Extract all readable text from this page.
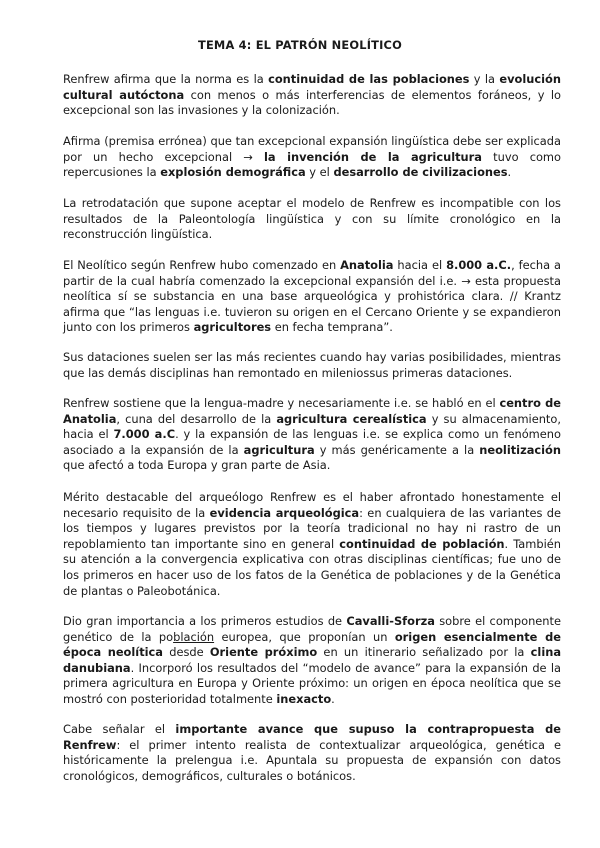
TEMA 4: EL PATRÓN NEOLÍTICO
Renfrew afirma que la norma es la continuidad de las poblaciones y la evolución cultural autóctona con menos o más interferencias de elementos foráneos, y lo excepcional son las invasiones y la colonización.
Afirma (premisa errónea) que tan excepcional expansión lingüística debe ser explicada por un hecho excepcional → la invención de la agricultura tuvo como repercusiones la explosión demográfica y el desarrollo de civilizaciones.
La retrodatación que supone aceptar el modelo de Renfrew es incompatible con los resultados de la Paleontología lingüística y con su límite cronológico en la reconstrucción lingüística.
El Neolítico según Renfrew hubo comenzado en Anatolia hacia el 8.000 a.C., fecha a partir de la cual habría comenzado la excepcional expansión del i.e. → esta propuesta neolítica sí se substancia en una base arqueológica y prohistórica clara. // Krantz afirma que “las lenguas i.e. tuvieron su origen en el Cercano Oriente y se expandieron junto con los primeros agricultores en fecha temprana”.
Sus dataciones suelen ser las más recientes cuando hay varias posibilidades, mientras que las demás disciplinas han remontado en mileniossus primeras dataciones.
Renfrew sostiene que la lengua-madre y necesariamente i.e. se habló en el centro de Anatolia, cuna del desarrollo de la agricultura cerealística y su almacenamiento, hacia el 7.000 a.C. y la expansión de las lenguas i.e. se explica como un fenómeno asociado a la expansión de la agricultura y más genéricamente a la neolitización que afectó a toda Europa y gran parte de Asia.
Mérito destacable del arqueólogo Renfrew es el haber afrontado honestamente el necesario requisito de la evidencia arqueológica: en cualquiera de las variantes de los tiempos y lugares previstos por la teoría tradicional no hay ni rastro de un repoblamiento tan importante sino en general continuidad de población. También su atención a la convergencia explicativa con otras disciplinas científicas; fue uno de los primeros en hacer uso de los fatos de la Genética de poblaciones y de la Genética de plantas o Paleobotánica.
Dio gran importancia a los primeros estudios de Cavalli-Sforza sobre el componente genético de la población europea, que proponían un origen esencialmente de época neolítica desde Oriente próximo en un itinerario señalizado por la clina danubiana. Incorporó los resultados del “modelo de avance” para la expansión de la primera agricultura en Europa y Oriente próximo: un origen en época neolítica que se mostró con posterioridad totalmente inexacto.
Cabe señalar el importante avance que supuso la contrapropuesta de Renfrew: el primer intento realista de contextualizar arqueológica, genética e históricamente la prelengua i.e. Apuntala su propuesta de expansión con datos cronológicos, demográficos, culturales o botánicos.
